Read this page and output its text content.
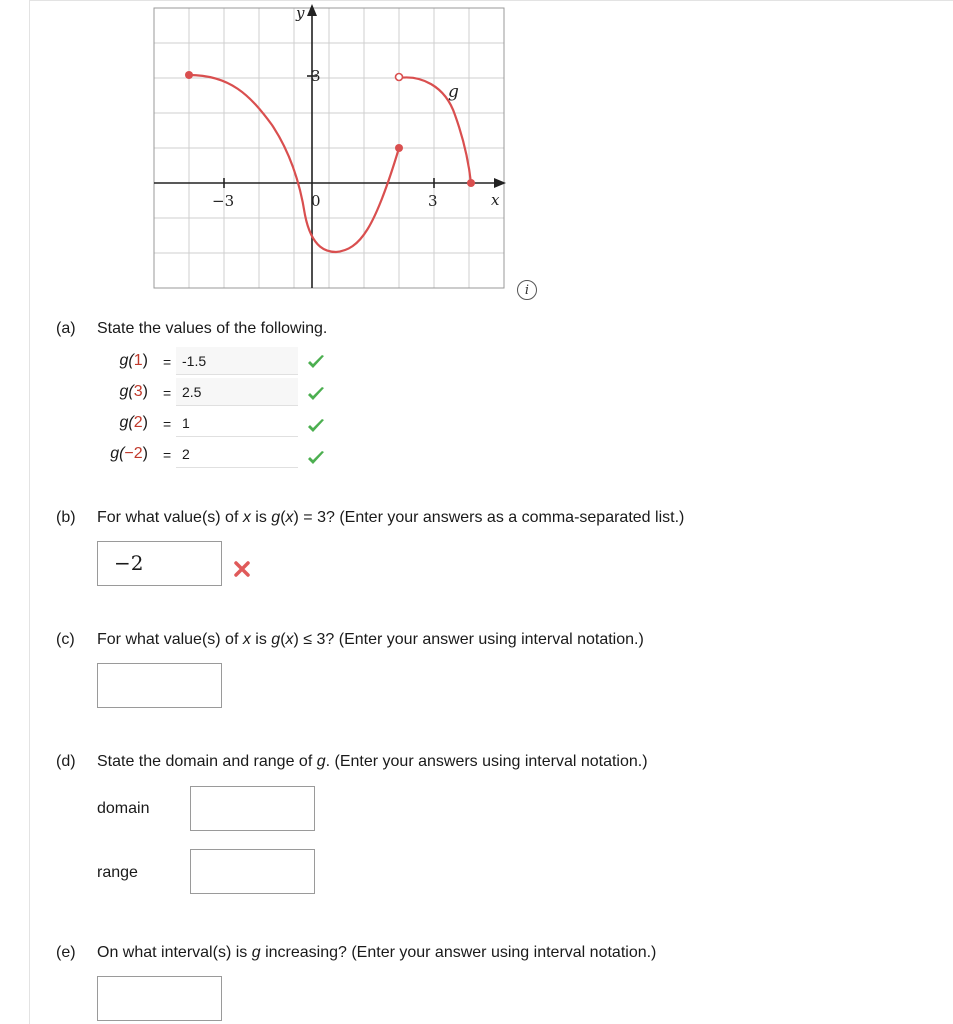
y
x
g
−3	0	3
3
i
(a) State the values of the following.
g(1) = -1.5
g(3) = 2.5
g(2) = 1
g(−2) = 2
(b) For what value(s) of x is g(x) = 3? (Enter your answers as a comma-separated list.)
−2
(c) For what value(s) of x is g(x) ≤ 3? (Enter your answer using interval notation.)
(d) State the domain and range of g. (Enter your answers using interval notation.)
domain
range
(e) On what interval(s) is g increasing? (Enter your answer using interval notation.)
